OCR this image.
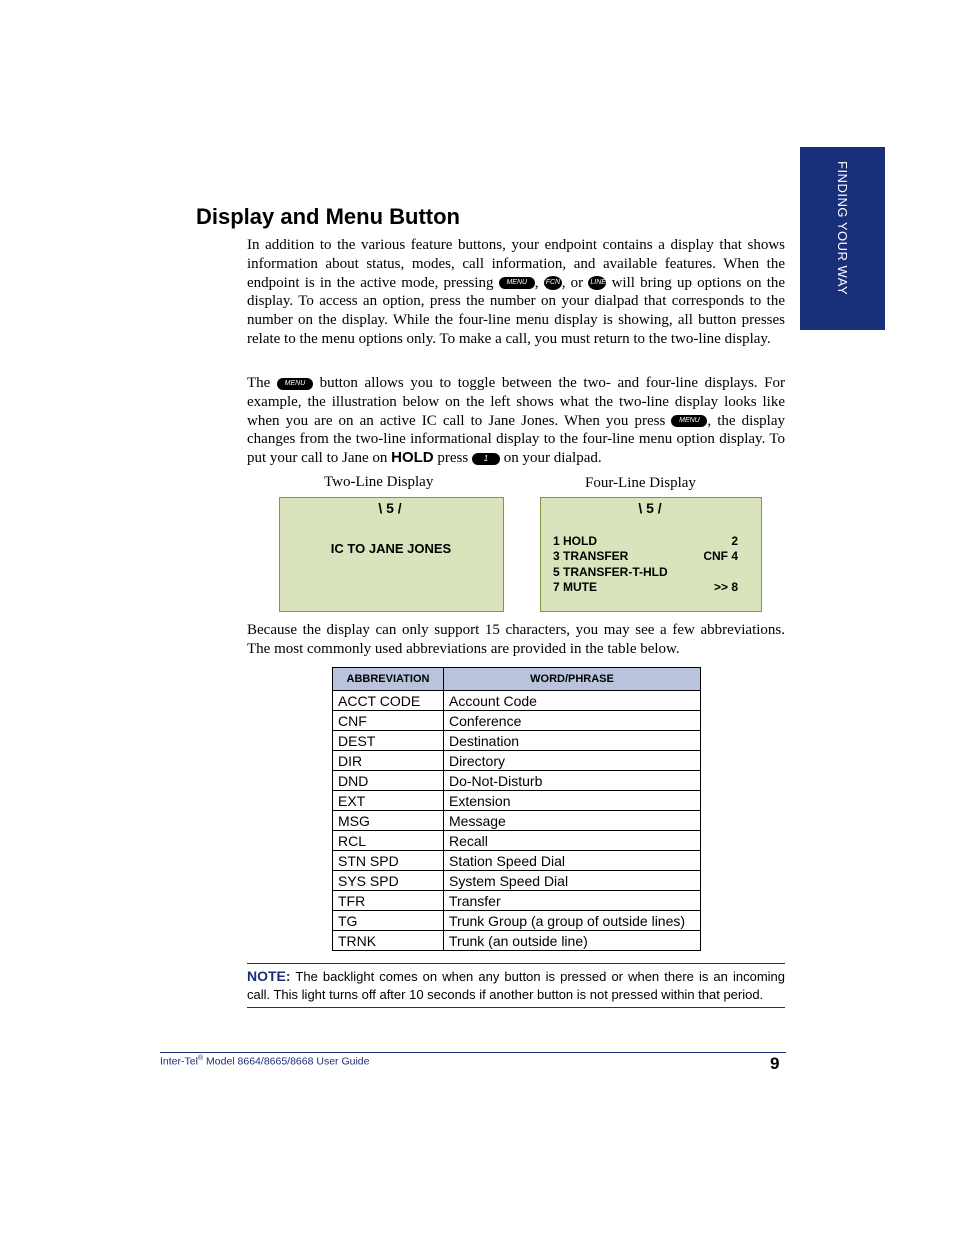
FINDING YOUR WAY
Display and Menu Button

In addition to the various feature buttons, your endpoint contains a display that shows information about status, modes, call information, and available features. When the endpoint is in the active mode, pressing MENU , FCN , or LINE will bring up options on the display. To access an option, press the number on your dialpad that corresponds to the number on the display. While the four-line menu display is showing, all button presses relate to the menu options only. To make a call, you must return to the two-line display.

The MENU button allows you to toggle between the two- and four-line displays. For example, the illustration below on the left shows what the two-line display looks like when you are on an active IC call to Jane Jones. When you press MENU , the display changes from the two-line informational display to the four-line menu option display. To put your call to Jane on HOLD press 1 on your dialpad.

Two-Line Display	Four-Line Display
\ 5 /
IC TO JANE JONES
\ 5 /
1 HOLD	2
3 TRANSFER	CNF 4
5 TRANSFER-T-HLD
7 MUTE	>> 8

Because the display can only support 15 characters, you may see a few abbreviations. The most commonly used abbreviations are provided in the table below.

ABBREVIATION	WORD/PHRASE
ACCT CODE	Account Code
CNF	Conference
DEST	Destination
DIR	Directory
DND	Do-Not-Disturb
EXT	Extension
MSG	Message
RCL	Recall
STN SPD	Station Speed Dial
SYS SPD	System Speed Dial
TFR	Transfer
TG	Trunk Group (a group of outside lines)
TRNK	Trunk (an outside line)
NOTE: The backlight comes on when any button is pressed or when there is an incoming call. This light turns off after 10 seconds if another button is not pressed within that period.
Inter-Tel® Model 8664/8665/8668 User Guide	9
